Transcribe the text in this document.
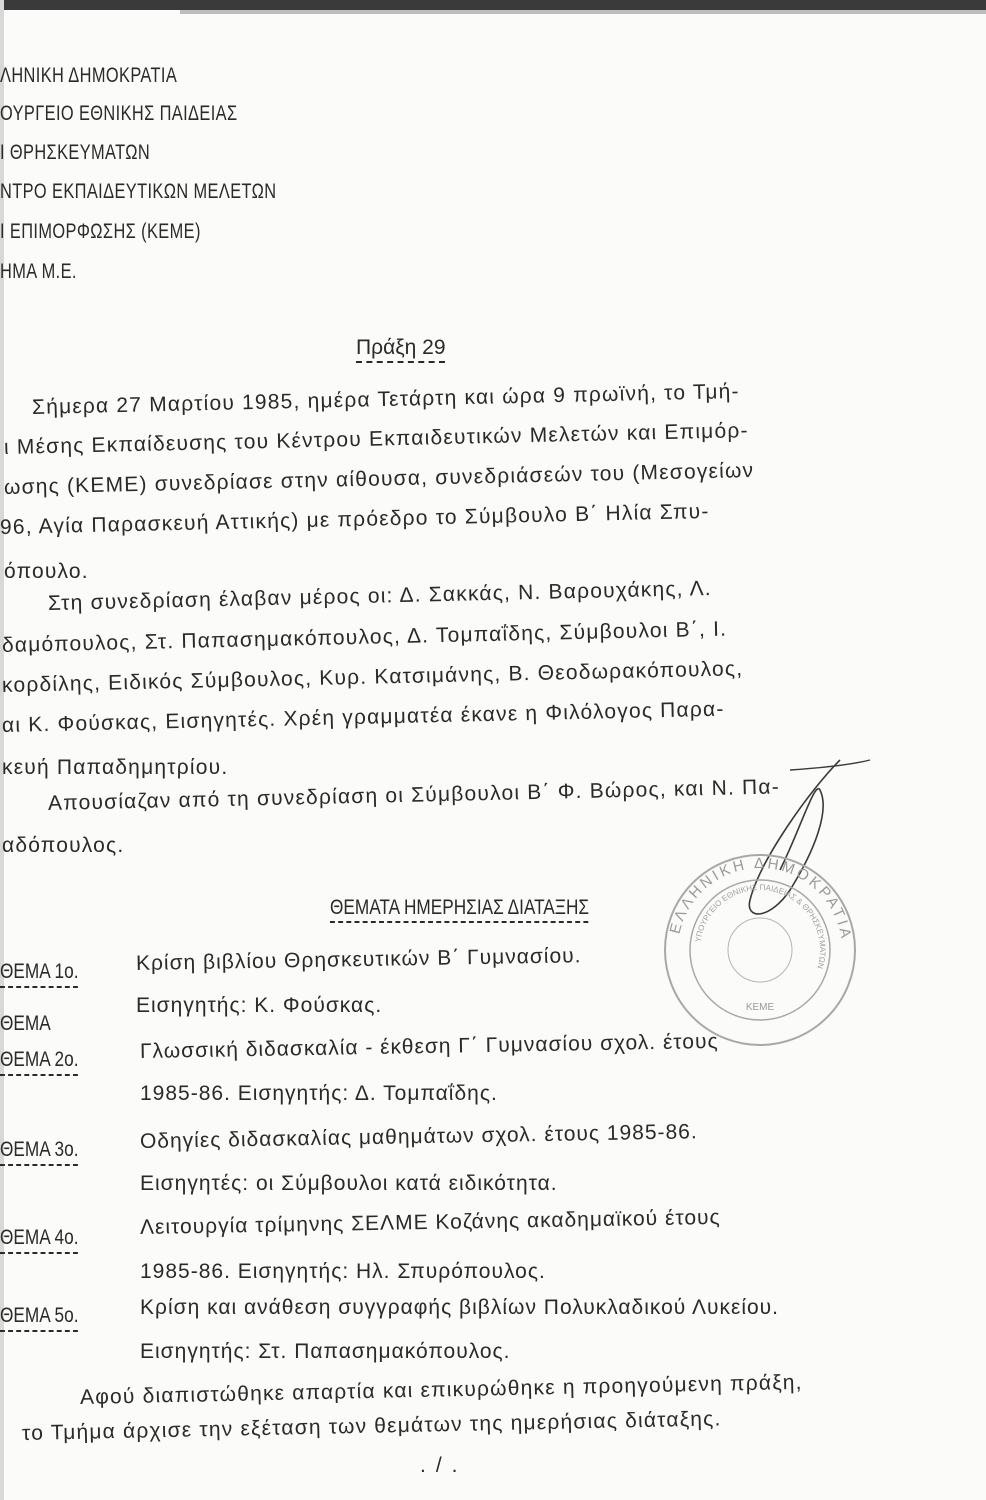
ΛΗΝΙΚΗ ΔΗΜΟΚΡΑΤΙΑ
ΟΥΡΓΕΙΟ ΕΘΝΙΚΗΣ ΠΑΙΔΕΙΑΣ
Ι ΘΡΗΣΚΕΥΜΑΤΩΝ
ΝΤΡΟ ΕΚΠΑΙΔΕΥΤΙΚΩΝ ΜΕΛΕΤΩΝ
Ι ΕΠΙΜΟΡΦΩΣΗΣ (ΚΕΜΕ)
ΗΜΑ Μ.Ε.
Πράξη 29
Σήμερα 27 Μαρτίου 1985, ημέρα Τετάρτη και ώρα 9 πρωϊνή, το Τμή-
ι Μέσης Εκπαίδευσης του Κέντρου Εκπαιδευτικών Μελετών και Επιμόρ-
ωσης (ΚΕΜΕ) συνεδρίασε στην αίθουσα, συνεδριάσεών του (Μεσογείων
96, Αγία Παρασκευή Αττικής) με πρόεδρο το Σύμβουλο Β΄ Ηλία Σπυ-
όπουλο.
Στη συνεδρίαση έλαβαν μέρος οι: Δ. Σακκάς, Ν. Βαρουχάκης, Λ.
δαμόπουλος, Στ. Παπασημακόπουλος, Δ. Τομπαΐδης, Σύμβουλοι Β΄, Ι.
κορδίλης, Ειδικός Σύμβουλος, Κυρ. Κατσιμάνης, Β. Θεοδωρακόπουλος,
αι Κ. Φούσκας, Εισηγητές. Χρέη γραμματέα έκανε η Φιλόλογος Παρα-
κευή Παπαδημητρίου.
Απουσίαζαν από τη συνεδρίαση οι Σύμβουλοι Β΄ Φ. Βώρος, και Ν. Πα-
αδόπουλος.
ΘΕΜΑΤΑ ΗΜΕΡΗΣΙΑΣ ΔΙΑΤΑΞΗΣ
ΘΕΜΑ 1ο.	Κρίση βιβλίου Θρησκευτικών Β΄ Γυμνασίου.
Εισηγητής: Κ. Φούσκας.
ΘΕΜΑ
ΘΕΜΑ 2ο.	Γλωσσική διδασκαλία - έκθεση Γ΄ Γυμνασίου σχολ. έτους
1985-86. Εισηγητής: Δ. Τομπαΐδης.
ΘΕΜΑ 3ο.	Οδηγίες διδασκαλίας μαθημάτων σχολ. έτους 1985-86.
Εισηγητές: οι Σύμβουλοι κατά ειδικότητα.
ΘΕΜΑ 4ο.	Λειτουργία τρίμηνης ΣΕΛΜΕ Κοζάνης ακαδημαϊκού έτους
1985-86. Εισηγητής: Ηλ. Σπυρόπουλος.
ΘΕΜΑ 5ο.	Κρίση και ανάθεση συγγραφής βιβλίων Πολυκλαδικού Λυκείου.
Εισηγητής: Στ. Παπασημακόπουλος.
ΕΛΛΗΝΙΚΗ ΔΗΜΟΚΡΑΤΙΑ
ΥΠΟΥΡΓΕΙΟ ΕΘΝΙΚΗΣ ΠΑΙΔΕΙΑΣ & ΘΡΗΣΚΕΥΜΑΤΩΝ
ΚΕΜΕ
Αφού διαπιστώθηκε απαρτία και επικυρώθηκε η προηγούμενη πράξη,
το Τμήμα άρχισε την εξέταση των θεμάτων της ημερήσιας διάταξης.
./.
